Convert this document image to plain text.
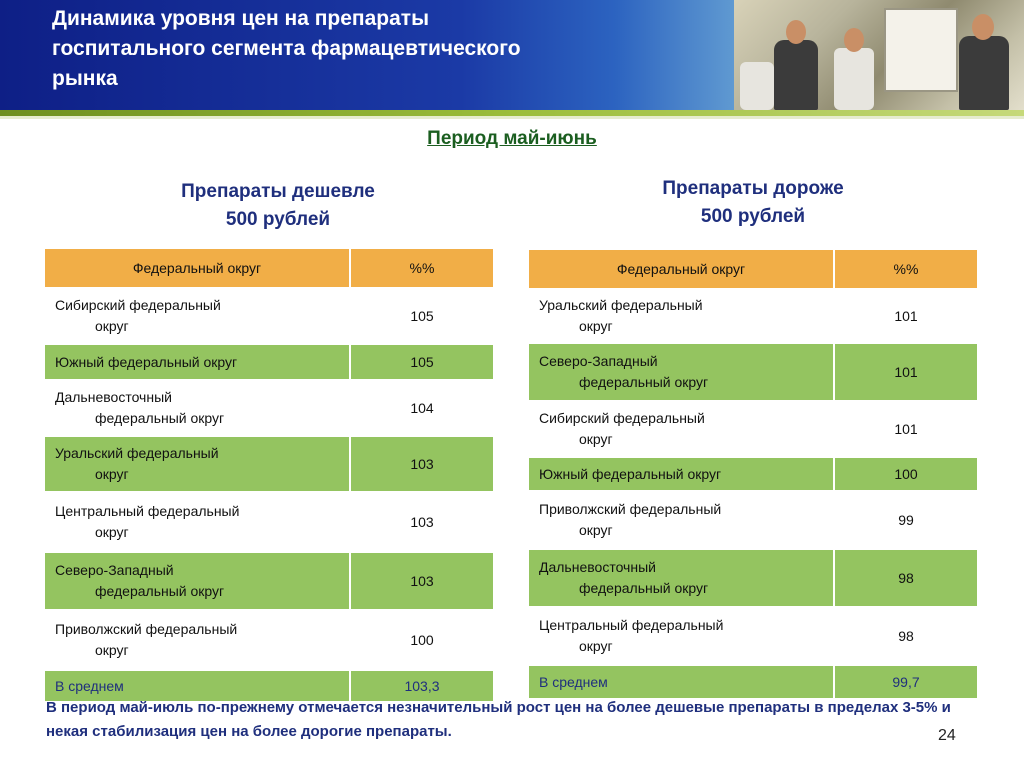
Динамика уровня цен на препараты госпитального сегмента фармацевтического рынка
Период май-июнь
Препараты дешевле
500 рублей
Препараты дороже
500 рублей
Федеральный округ	%%
Сибирский федеральный
округ	105
Южный федеральный округ	105
Дальневосточный
федеральный округ	104
Уральский федеральный
округ	103
Центральный федеральный
округ	103
Северо-Западный
федеральный округ	103
Приволжский федеральный
округ	100
В среднем	103,3
Федеральный округ	%%
Уральский федеральный
округ	101
Северо-Западный
федеральный округ	101
Сибирский федеральный
округ	101
Южный федеральный округ	100
Приволжский федеральный
округ	99
Дальневосточный
федеральный округ	98
Центральный федеральный
округ	98
В среднем	99,7
В период май-июль по-прежнему отмечается незначительный рост цен на более дешевые препараты в пределах 3-5% и некая стабилизация цен на более дорогие препараты.	24
